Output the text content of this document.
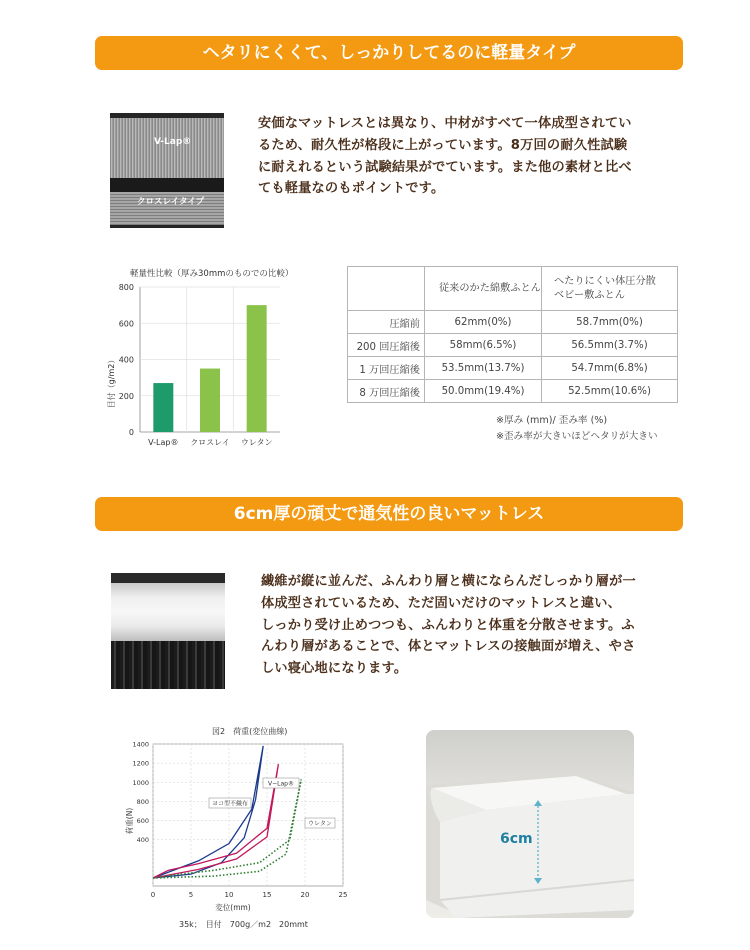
ヘタリにくくて、しっかりしてるのに軽量タイプ
V-Lap®
クロスレイタイプ
安価なマットレスとは異なり、中材がすべて一体成型されてい
るため、耐久性が格段に上がっています。8万回の耐久性試験
に耐えれるという試験結果がでています。また他の素材と比べ
ても軽量なのもポイントです。
軽量性比較（厚み30mmのものでの比較）
0
200
400
600
800
V-Lap® クロスレイ ウレタン
目付（g/m2）
	従来のかた綿敷ふとん	へたりにくい体圧分散
ベビー敷ふとん
圧縮前	62mm(0%)	58.7mm(0%)
200 回圧縮後	58mm(6.5%)	56.5mm(3.7%)
1 万回圧縮後	53.5mm(13.7%)	54.7mm(6.8%)
8 万回圧縮後	50.0mm(19.4%)	52.5mm(10.6%)
※厚み (mm)/ 歪み率 (%)
※歪み率が大きいほどヘタリが大きい
6cm厚の頑丈で通気性の良いマットレス
繊維が縦に並んだ、ふんわり層と横にならんだしっかり層が一
体成型されているため、ただ固いだけのマットレスと違い、
しっかり受け止めつつも、ふんわりと体重を分散させます。ふ
んわり層があることで、体とマットレスの接触面が増え、やさ
しい寝心地になります。
図2　荷重(変位曲線)
0	5	10	15	20	25
400
600
800
1000
1200
1400
V−Lap®
ヨコ型不織布
ウレタン
荷重(N)
変位(mm)
35k；　目付　700g／m2　20mmt
6cm
